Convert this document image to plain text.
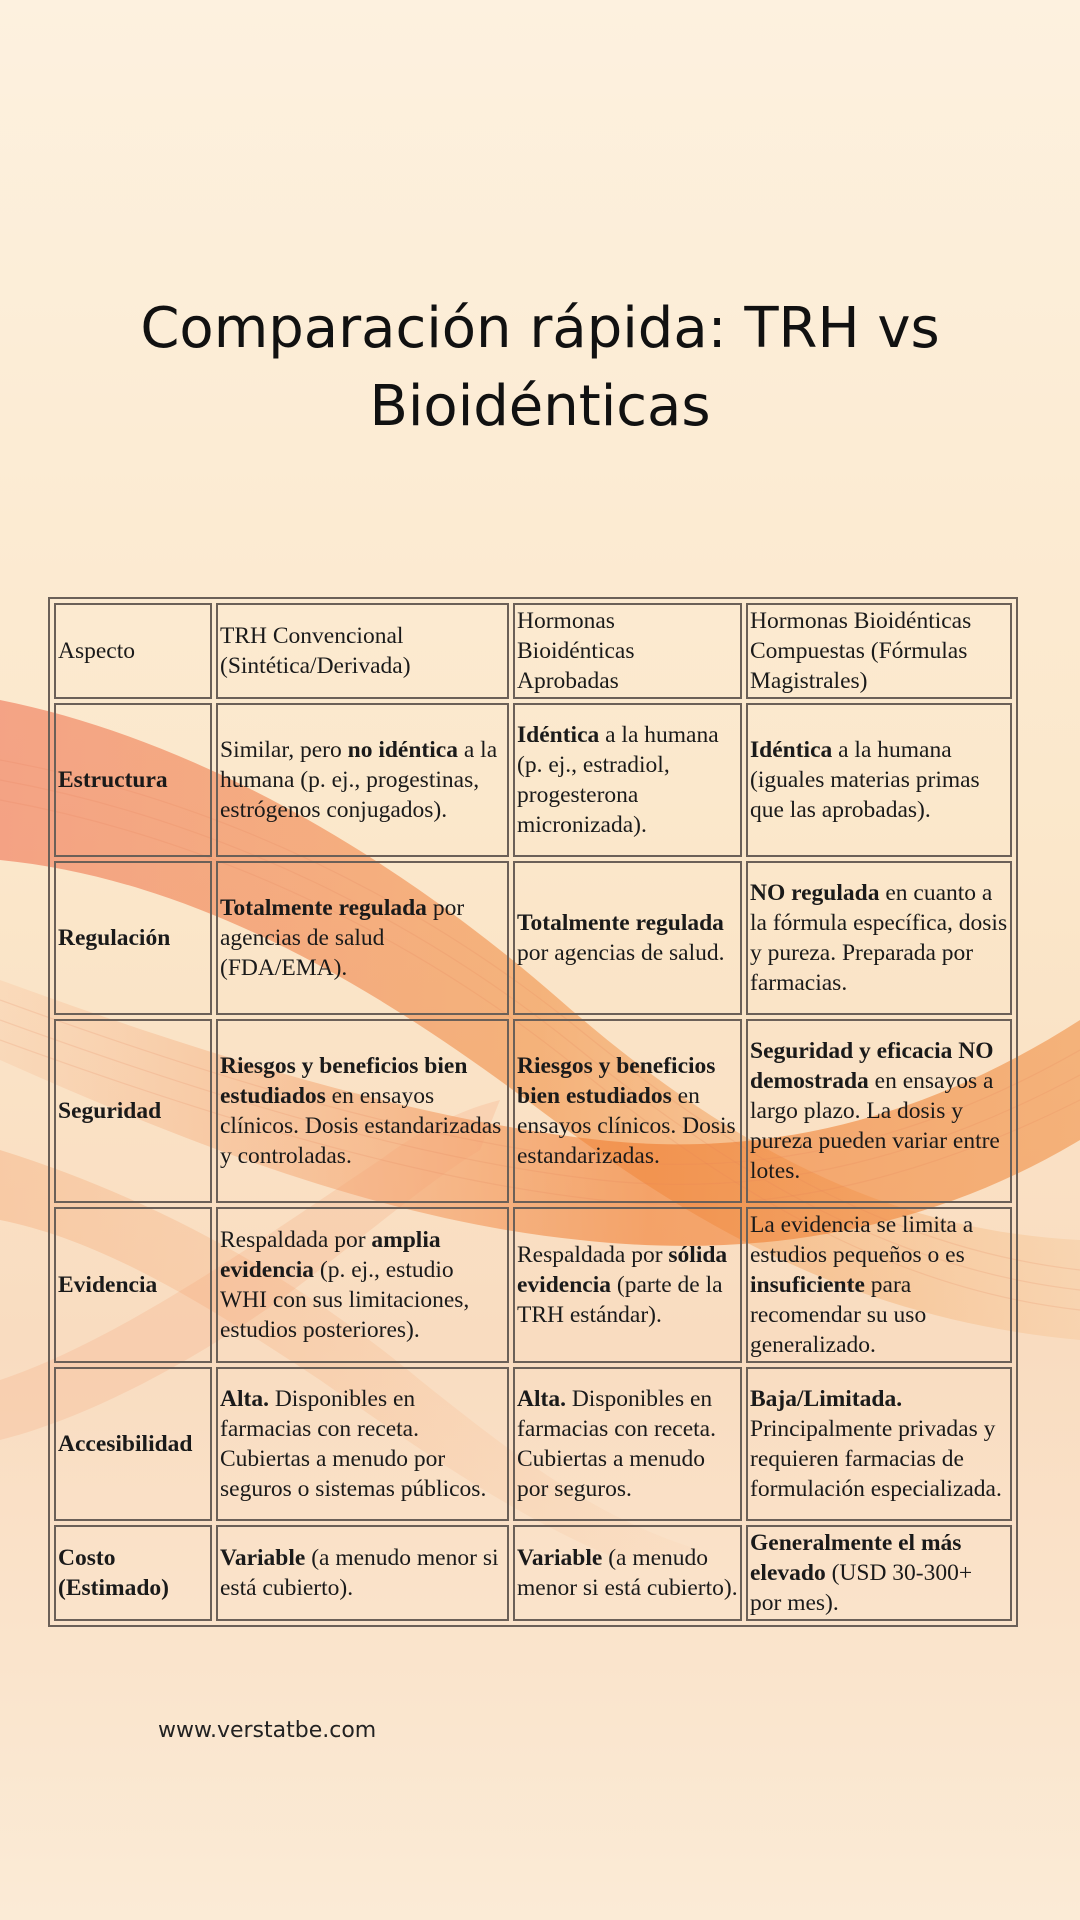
Comparación rápida: TRH vs Bioidénticas
Aspecto	TRH Convencional (Sintética/Derivada)	Hormonas Bioidénticas Aprobadas	Hormonas Bioidénticas Compuestas (Fórmulas Magistrales)
Estructura	Similar, pero no idéntica a la humana (p. ej., progestinas, estrógenos conjugados).	Idéntica a la humana (p. ej., estradiol, progesterona micronizada).	Idéntica a la humana (iguales materias primas que las aprobadas).
Regulación	Totalmente regulada por agencias de salud (FDA/EMA).	Totalmente regulada por agencias de salud.	NO regulada en cuanto a la fórmula específica, dosis y pureza. Preparada por farmacias.
Seguridad	Riesgos y beneficios bien estudiados en ensayos clínicos. Dosis estandarizadas y controladas.	Riesgos y beneficios bien estudiados en ensayos clínicos. Dosis estandarizadas.	Seguridad y eficacia NO demostrada en ensayos a largo plazo. La dosis y pureza pueden variar entre lotes.
Evidencia	Respaldada por amplia evidencia (p. ej., estudio WHI con sus limitaciones, estudios posteriores).	Respaldada por sólida evidencia (parte de la TRH estándar).	La evidencia se limita a estudios pequeños o es insuficiente para recomendar su uso generalizado.
Accesibilidad	Alta. Disponibles en farmacias con receta. Cubiertas a menudo por seguros o sistemas públicos.	Alta. Disponibles en farmacias con receta. Cubiertas a menudo por seguros.	Baja/Limitada. Principalmente privadas y requieren farmacias de formulación especializada.
Costo (Estimado)	Variable (a menudo menor si está cubierto).	Variable (a menudo menor si está cubierto).	Generalmente el más elevado (USD 30-300+ por mes).
www.verstatbe.com
